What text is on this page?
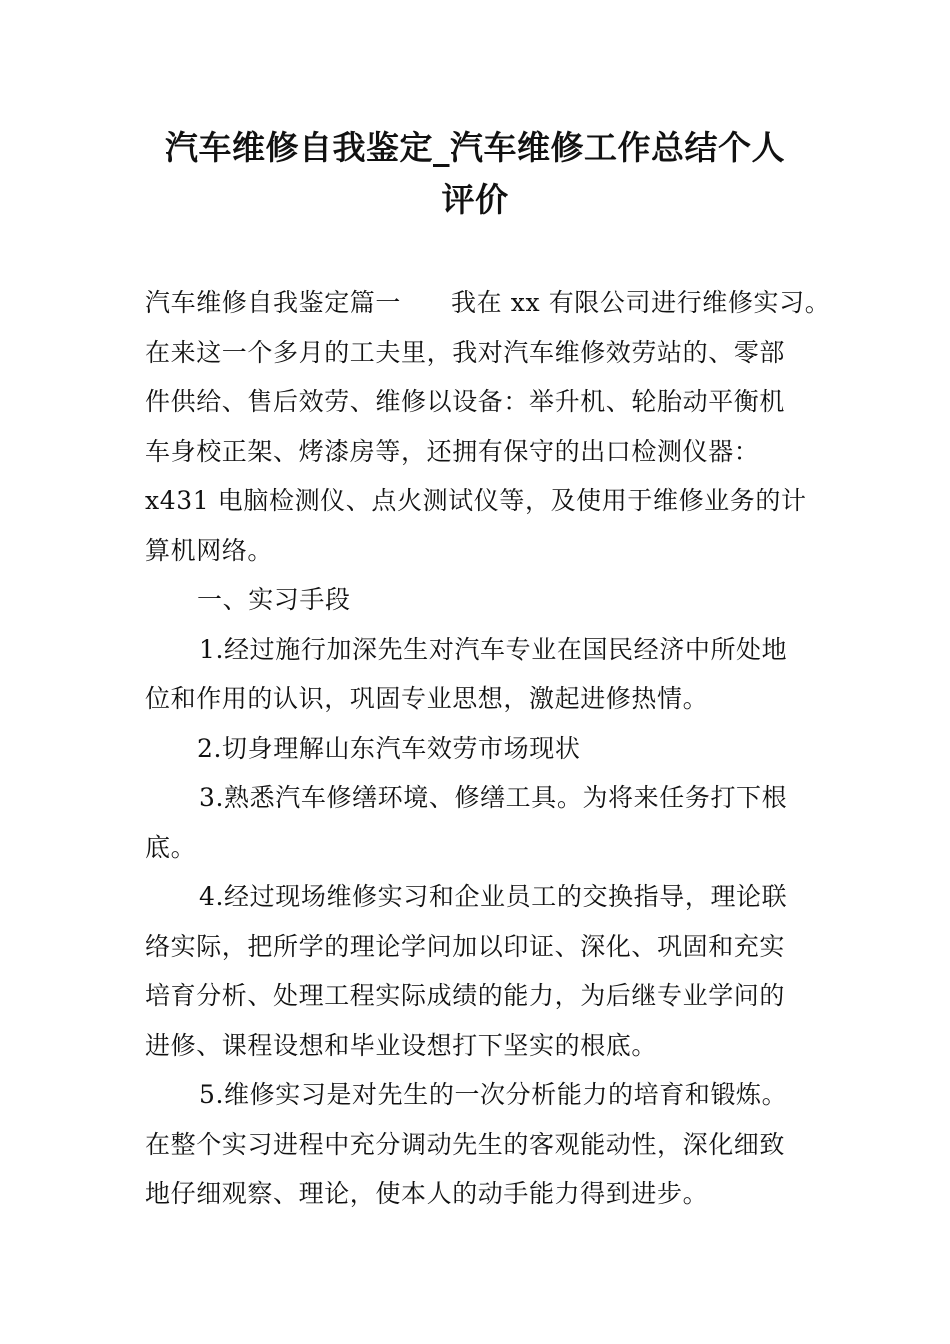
汽车维修自我鉴定_汽车维修工作总结个人
评价
汽车维修自我鉴定篇一 我在 xx 有限公司进行维修实习。
在来这一个多月的工夫里，我对汽车维修效劳站的、零部
件供给、售后效劳、维修以设备：举升机、轮胎动平衡机
车身校正架、烤漆房等，还拥有保守的出口检测仪器：
x431 电脑检测仪、点火测试仪等，及使用于维修业务的计
算机网络。
一、实习手段
1.经过施行加深先生对汽车专业在国民经济中所处地
位和作用的认识，巩固专业思想，激起进修热情。
2.切身理解山东汽车效劳市场现状
3.熟悉汽车修缮环境、修缮工具。为将来任务打下根
底。
4.经过现场维修实习和企业员工的交换指导，理论联
络实际，把所学的理论学问加以印证、深化、巩固和充实
培育分析、处理工程实际成绩的能力，为后继专业学问的
进修、课程设想和毕业设想打下坚实的根底。
5.维修实习是对先生的一次分析能力的培育和锻炼。
在整个实习进程中充分调动先生的客观能动性，深化细致
地仔细观察、理论，使本人的动手能力得到进步。
